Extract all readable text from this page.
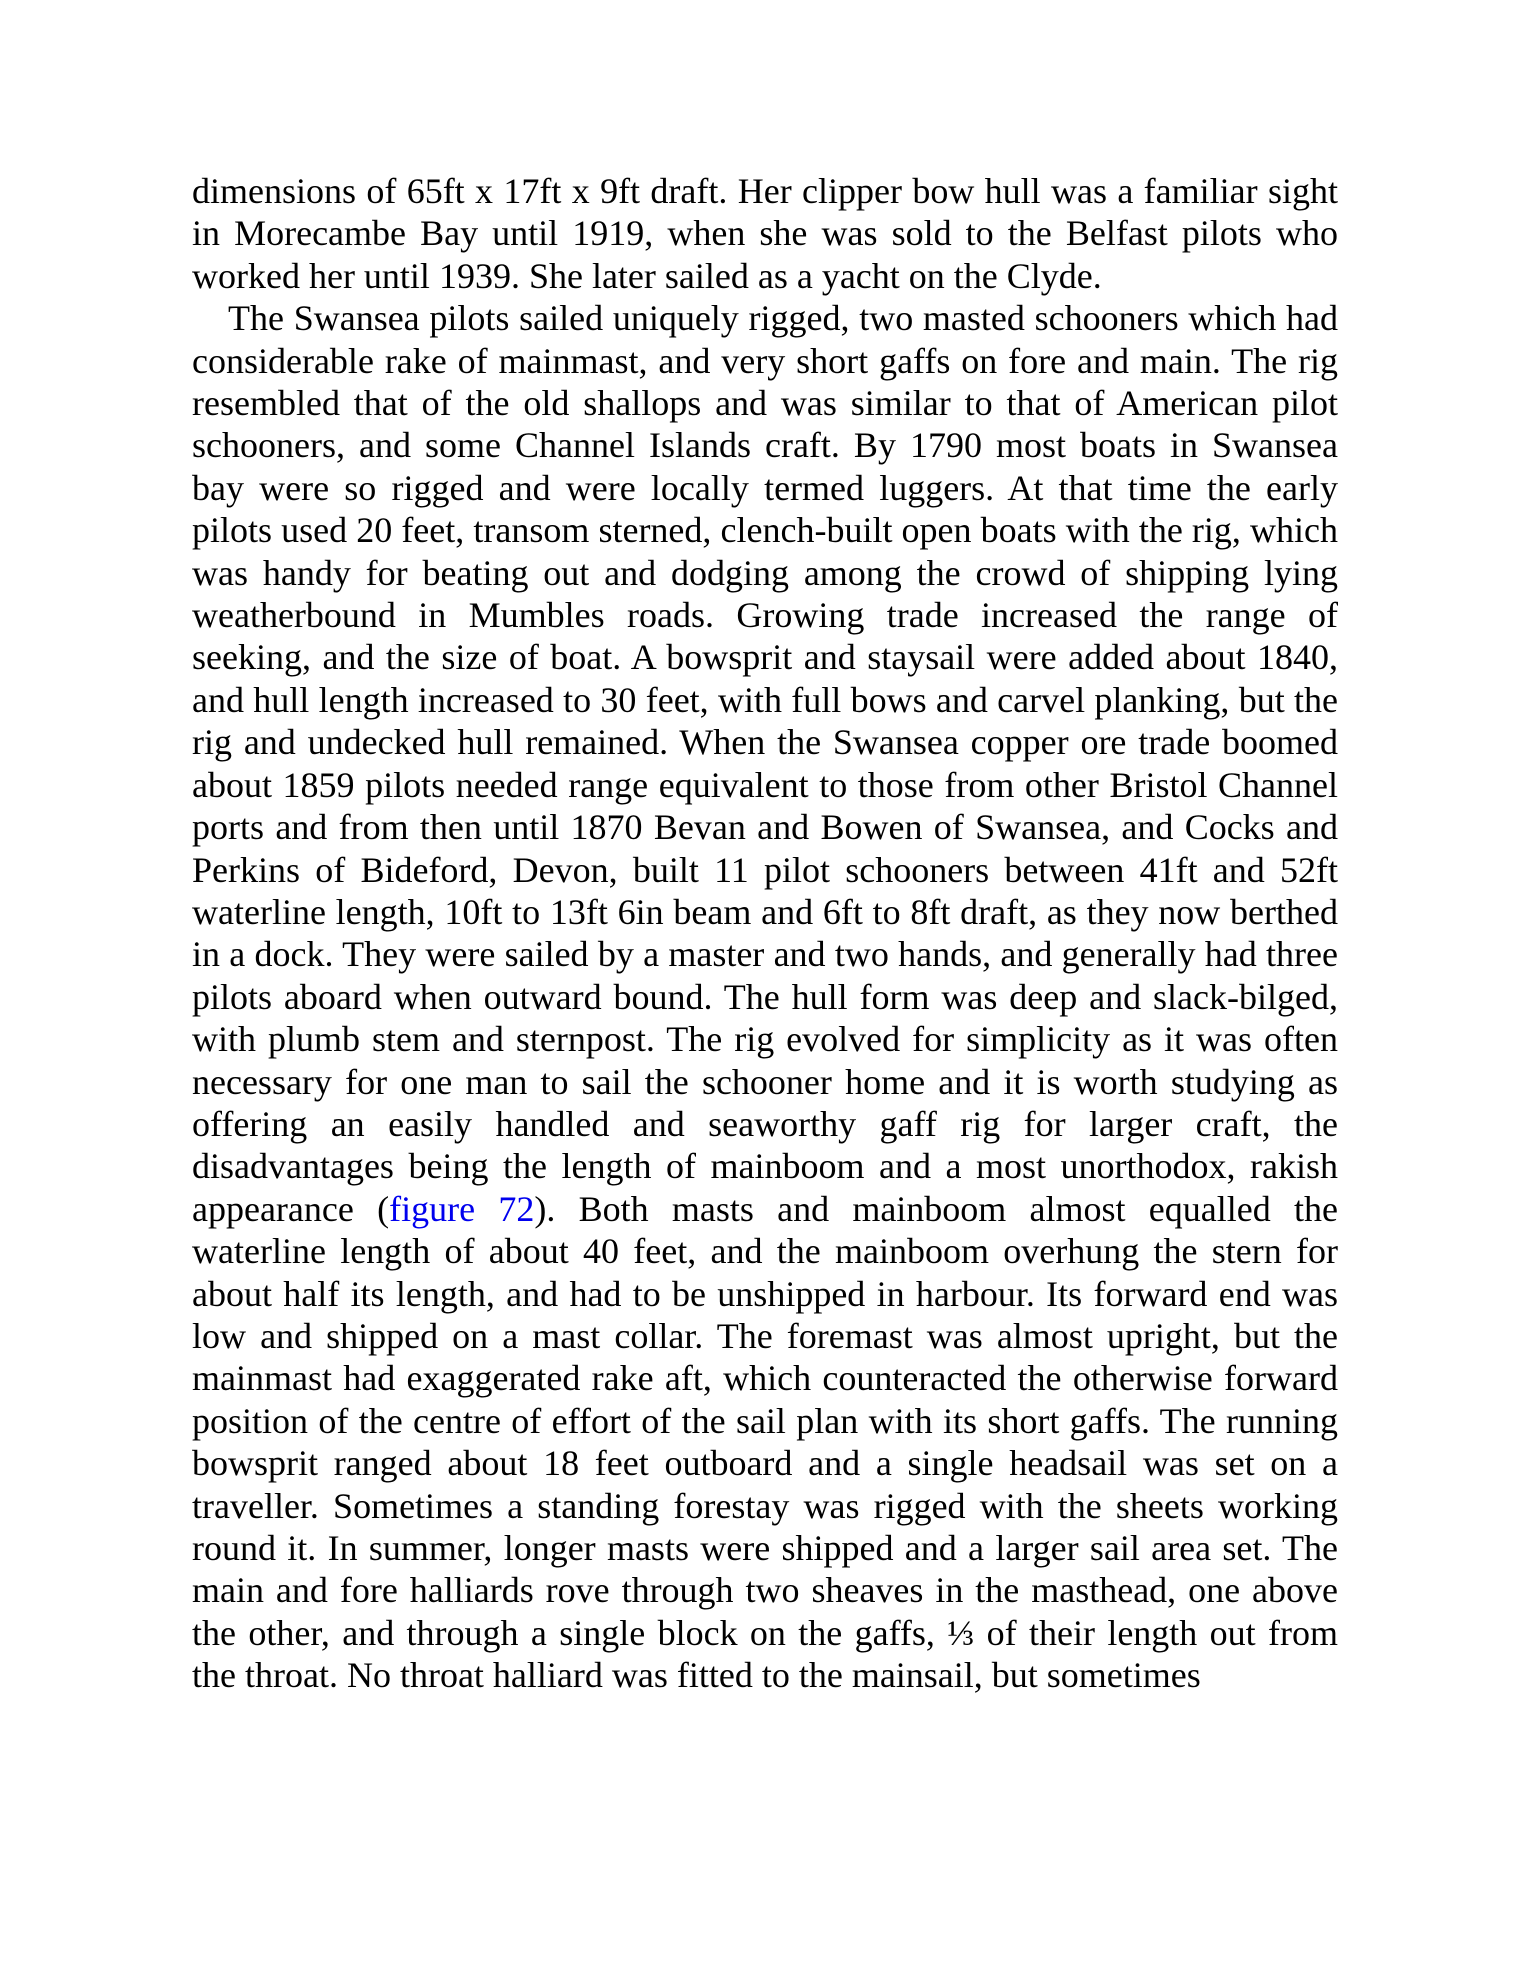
dimensions of 65ft x 17ft x 9ft draft. Her clipper bow hull was a familiar sight in Morecambe Bay until 1919, when she was sold to the Belfast pilots who worked her until 1939. She later sailed as a yacht on the Clyde.

The Swansea pilots sailed uniquely rigged, two masted schooners which had considerable rake of mainmast, and very short gaffs on fore and main. The rig resembled that of the old shallops and was similar to that of American pilot schooners, and some Channel Islands craft. By 1790 most boats in Swansea bay were so rigged and were locally termed luggers. At that time the early pilots used 20 feet, transom sterned, clench-built open boats with the rig, which was handy for beating out and dodging among the crowd of shipping lying weatherbound in Mumbles roads. Growing trade increased the range of seeking, and the size of boat. A bowsprit and staysail were added about 1840, and hull length increased to 30 feet, with full bows and carvel planking, but the rig and undecked hull remained. When the Swansea copper ore trade boomed about 1859 pilots needed range equivalent to those from other Bristol Channel ports and from then until 1870 Bevan and Bowen of Swansea, and Cocks and Perkins of Bideford, Devon, built 11 pilot schooners between 41ft and 52ft waterline length, 10ft to 13ft 6in beam and 6ft to 8ft draft, as they now berthed in a dock. They were sailed by a master and two hands, and generally had three pilots aboard when outward bound. The hull form was deep and slack-bilged, with plumb stem and sternpost. The rig evolved for simplicity as it was often necessary for one man to sail the schooner home and it is worth studying as offering an easily handled and seaworthy gaff rig for larger craft, the disadvantages being the length of mainboom and a most unorthodox, rakish appearance (figure 72). Both masts and mainboom almost equalled the waterline length of about 40 feet, and the mainboom overhung the stern for about half its length, and had to be unshipped in harbour. Its forward end was low and shipped on a mast collar. The foremast was almost upright, but the mainmast had exaggerated rake aft, which counteracted the otherwise forward position of the centre of effort of the sail plan with its short gaffs. The running bowsprit ranged about 18 feet outboard and a single headsail was set on a traveller. Sometimes a standing forestay was rigged with the sheets working round it. In summer, longer masts were shipped and a larger sail area set. The main and fore halliards rove through two sheaves in the masthead, one above the other, and through a single block on the gaffs, ⅓ of their length out from the throat. No throat halliard was fitted to the mainsail, but sometimes
